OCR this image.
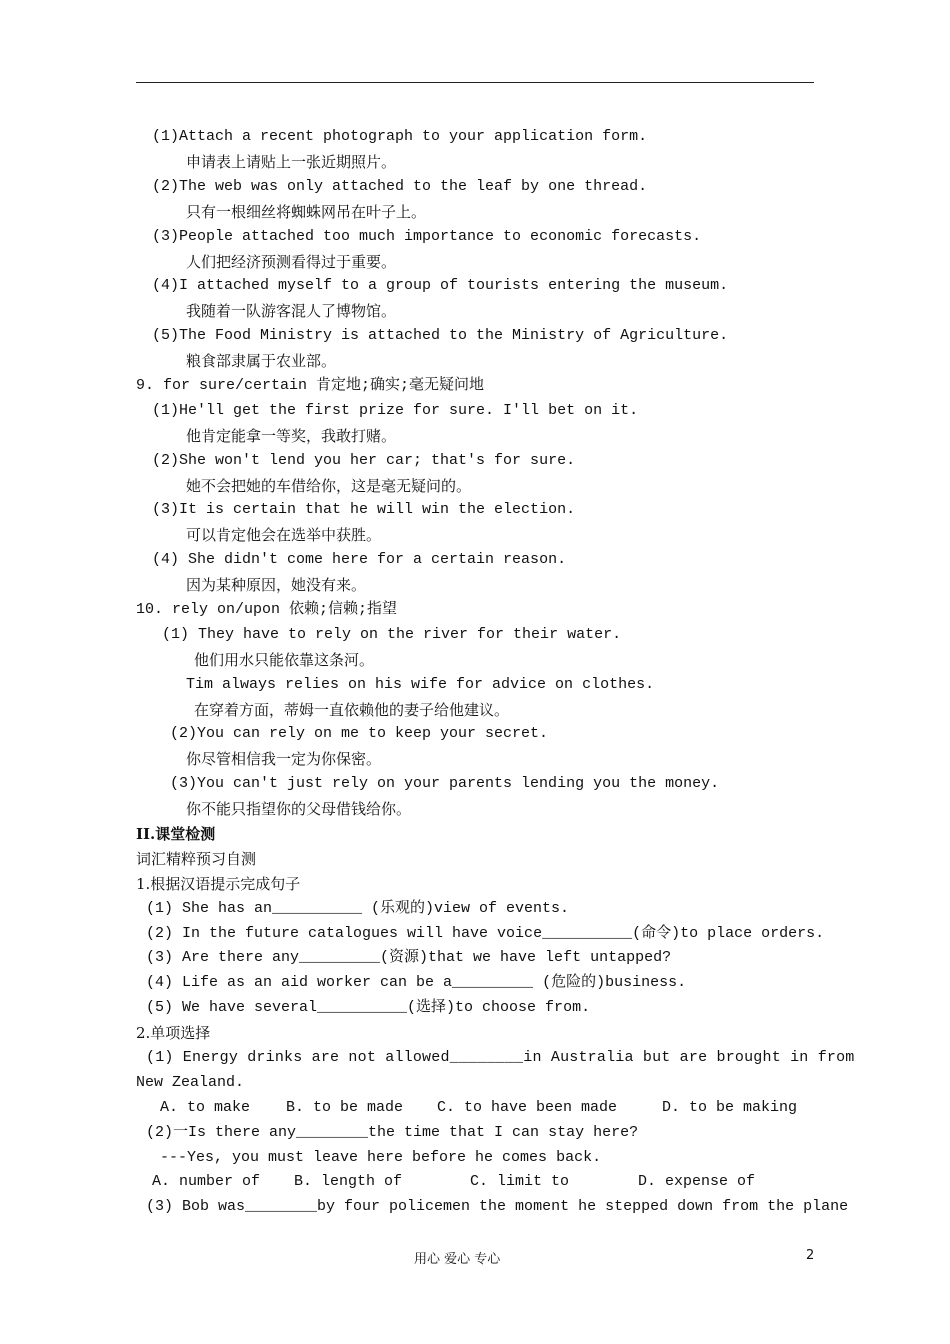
(1)Attach a recent photograph to your application form.
申请表上请贴上一张近期照片。
(2)The web was only attached to the leaf by one thread.
只有一根细丝将蜘蛛网吊在叶子上。
(3)People attached too much importance to economic forecasts.
人们把经济预测看得过于重要。
(4)I attached myself to a group of tourists entering the museum.
我随着一队游客混人了博物馆。
(5)The Food Ministry is attached to the Ministry of Agriculture.
粮食部隶属于农业部。
9. for sure/certain 肯定地;确实;毫无疑问地
(1)He'll get the first prize for sure. I'll bet on it.
他肯定能拿一等奖，我敢打赌。
(2)She won't lend you her car; that's for sure.
她不会把她的车借给你，这是毫无疑问的。
(3)It is certain that he will win the election.
可以肯定他会在选举中获胜。
(4) She didn't come here for a certain reason.
因为某种原因，她没有来。
10. rely on/upon 依赖;信赖;指望
(1) They have to rely on the river for their water.
他们用水只能依靠这条河。
Tim always relies on his wife for advice on clothes.
在穿着方面，蒂姆一直依赖他的妻子给他建议。
(2)You can rely on me to keep your secret.
你尽管相信我一定为你保密。
(3)You can't just rely on your parents lending you the money.
你不能只指望你的父母借钱给你。
II.课堂检测
词汇精粹预习自测
1.根据汉语提示完成句子
(1) She has an__________ (乐观的)view of events.
(2) In the future catalogues will have voice__________(命令)to place orders.
(3) Are there any_________(资源)that we have left untapped?
(4) Life as an aid worker can be a_________ (危险的)business.
(5) We have several__________(选择)to choose from.
2.单项选择
(1) Energy drinks are not allowed________in Australia but are brought in from
New Zealand.
A. to make B. to be made C. to have been made	D. to be making
(2)一Is there any________the time that I can stay here?
---Yes, you must leave here before he comes back.
A. number of B. length of	C. limit to	D. expense of
(3) Bob was________by four policemen the moment he stepped down from the plane
用心 爱心 专心	2
